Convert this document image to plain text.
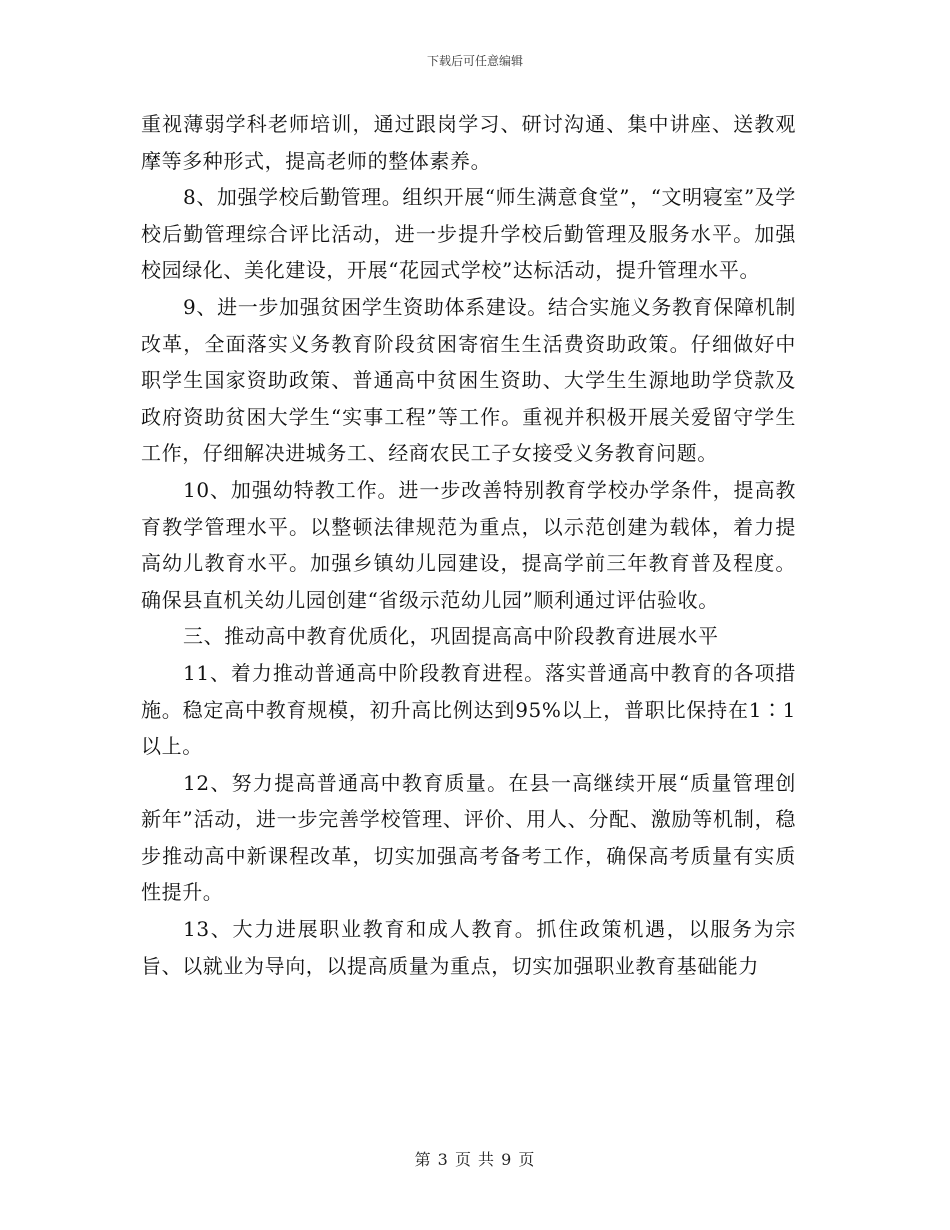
下载后可任意编辑

重视薄弱学科老师培训，通过跟岗学习、研讨沟通、集中讲座、送教观摩等多种形式，提高老师的整体素养。

8、加强学校后勤管理。组织开展“师生满意食堂”，“文明寝室”及学校后勤管理综合评比活动，进一步提升学校后勤管理及服务水平。加强校园绿化、美化建设，开展“花园式学校”达标活动，提升管理水平。

9、进一步加强贫困学生资助体系建设。结合实施义务教育保障机制改革，全面落实义务教育阶段贫困寄宿生生活费资助政策。仔细做好中职学生国家资助政策、普通高中贫困生资助、大学生生源地助学贷款及政府资助贫困大学生“实事工程”等工作。重视并积极开展关爱留守学生工作，仔细解决进城务工、经商农民工子女接受义务教育问题。

10、加强幼特教工作。进一步改善特别教育学校办学条件，提高教育教学管理水平。以整顿法律规范为重点，以示范创建为载体，着力提高幼儿教育水平。加强乡镇幼儿园建设，提高学前三年教育普及程度。确保县直机关幼儿园创建“省级示范幼儿园”顺利通过评估验收。

三、推动高中教育优质化，巩固提高高中阶段教育进展水平

11、着力推动普通高中阶段教育进程。落实普通高中教育的各项措施。稳定高中教育规模，初升高比例达到95%以上，普职比保持在1∶1以上。

12、努力提高普通高中教育质量。在县一高继续开展“质量管理创新年”活动，进一步完善学校管理、评价、用人、分配、激励等机制，稳步推动高中新课程改革，切实加强高考备考工作，确保高考质量有实质性提升。

13、大力进展职业教育和成人教育。抓住政策机遇，以服务为宗旨、以就业为导向，以提高质量为重点，切实加强职业教育基础能力

第 3 页 共 9 页
